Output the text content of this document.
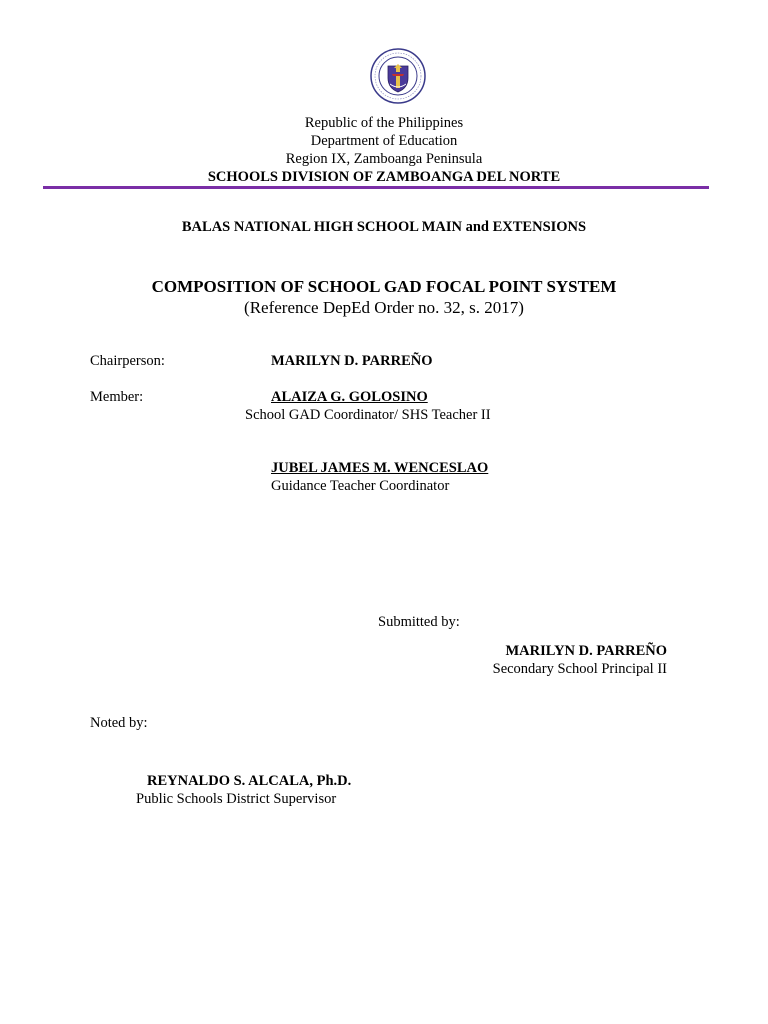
Republic of the Philippines
Department of Education
Region IX, Zamboanga Peninsula
SCHOOLS DIVISION OF ZAMBOANGA DEL NORTE
BALAS NATIONAL HIGH SCHOOL MAIN and EXTENSIONS
COMPOSITION OF SCHOOL GAD FOCAL POINT SYSTEM
(Reference DepEd Order no. 32, s. 2017)
Chairperson:	MARILYN D. PARREÑO
Member:	ALAIZA G. GOLOSINO
School GAD Coordinator/ SHS Teacher II
JUBEL JAMES M. WENCESLAO
Guidance Teacher Coordinator
Submitted by:
MARILYN D. PARREÑO
Secondary School Principal II
Noted by:
REYNALDO S. ALCALA, Ph.D.
Public Schools District Supervisor
